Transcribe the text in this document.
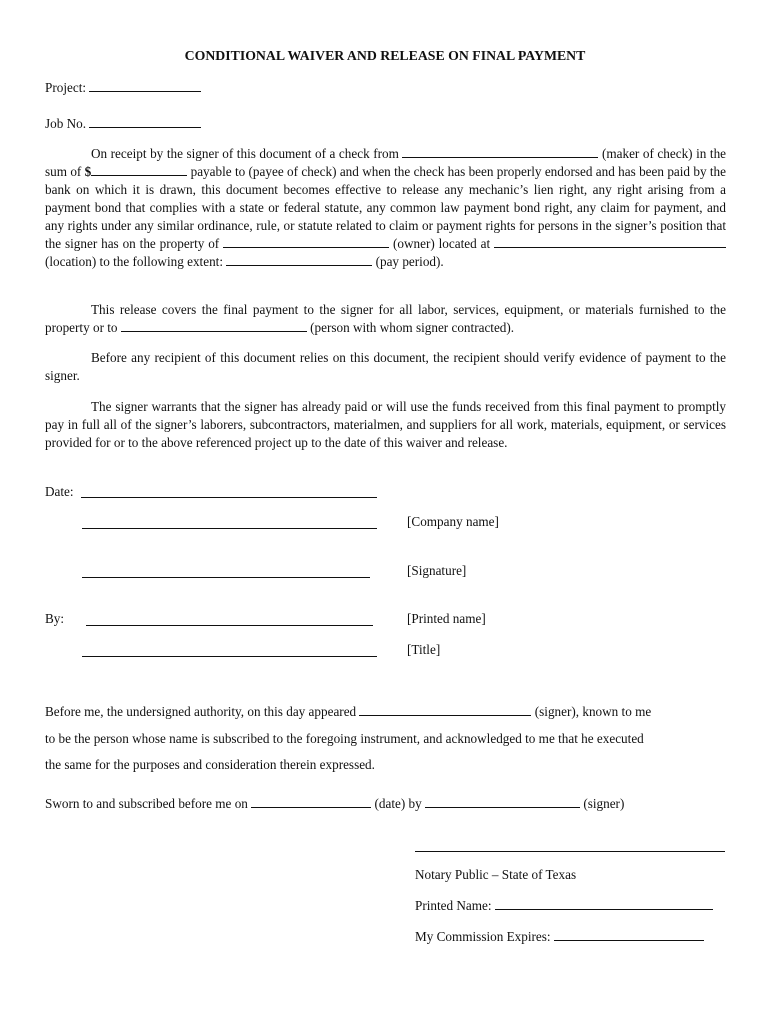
CONDITIONAL WAIVER AND RELEASE ON FINAL PAYMENT
Project:
Job No.

On receipt by the signer of this document of a check from	(maker of check) in the sum of $	payable to (payee of check) and when the check has been properly endorsed and has been paid by the bank on which it is drawn, this document becomes effective to release any mechanic’s lien right, any right arising from a payment bond that complies with a state or federal statute, any common law payment bond right, any claim for payment, and any rights under any similar ordinance, rule, or statute related to claim or payment rights for persons in the signer’s position that the signer has on the property of	(owner) located at  (location) to the following extent:	(pay period).

This release covers the final payment to the signer for all labor, services, equipment, or materials furnished to the property or to	(person with whom signer contracted).

Before any recipient of this document relies on this document, the recipient should verify evidence of payment to the signer.

The signer warrants that the signer has already paid or will use the funds received from this final payment to promptly pay in full all of the signer’s laborers, subcontractors, materialmen, and suppliers for all work, materials, equipment, or services provided for or to the above referenced project up to the date of this waiver and release.

Date:
[Company name]
[Signature]
By:	[Printed name]
[Title]
Before me, the undersigned authority, on this day appeared	(signer), known to me
to be the person whose name is subscribed to the foregoing instrument, and acknowledged to me that he executed
the same for the purposes and consideration therein expressed.
Sworn to and subscribed before me on	(date) by	(signer)
Notary Public – State of Texas
Printed Name:
My Commission Expires:
